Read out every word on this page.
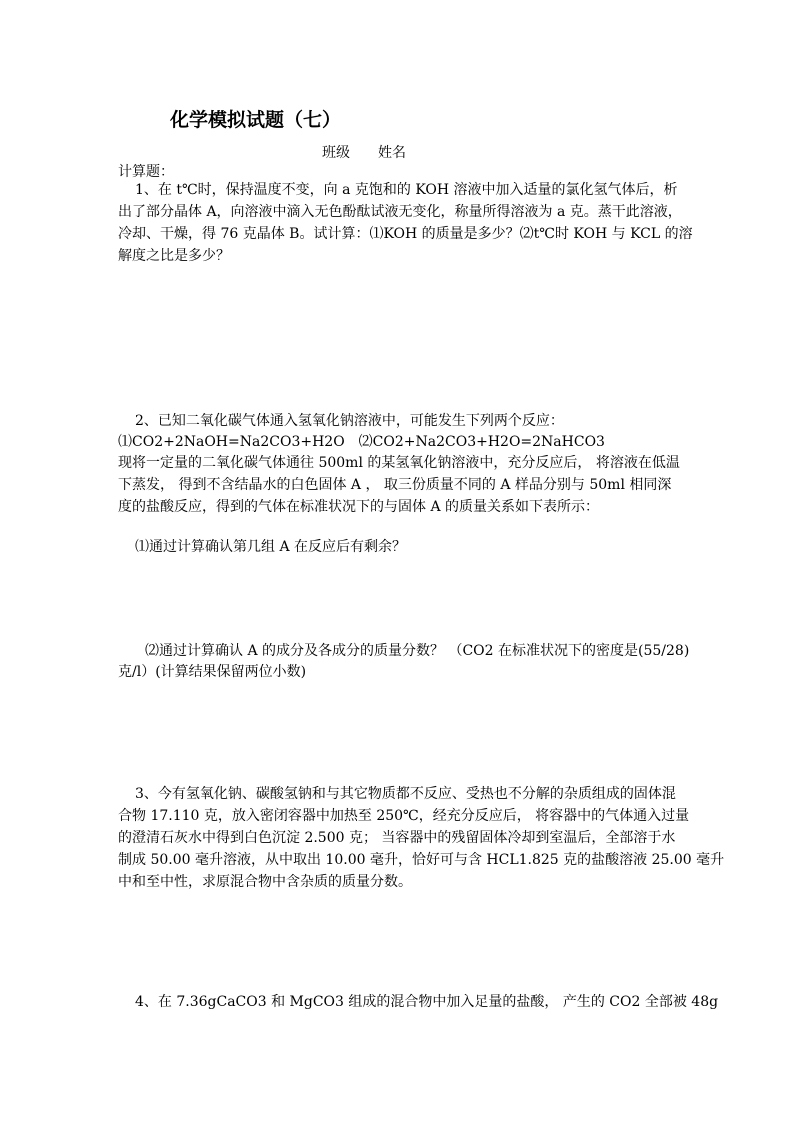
化学模拟试题（七）
班级 姓名
计算题：
1、在 t℃时，保持温度不变，向 a 克饱和的 KOH 溶液中加入适量的氯化氢气体后，析
出了部分晶体 A，向溶液中滴入无色酚酞试液无变化，称量所得溶液为 a 克。蒸干此溶液，
冷却、干燥，得 76 克晶体 B。试计算：⑴KOH 的质量是多少？⑵t℃时 KOH 与 KCL 的溶
解度之比是多少？
2、已知二氧化碳气体通入氢氧化钠溶液中，可能发生下列两个反应：
⑴CO2+2NaOH=Na2CO3+H2O　⑵CO2+Na2CO3+H2O=2NaHCO3
现将一定量的二氧化碳气体通往 500ml 的某氢氧化钠溶液中，充分反应后， 将溶液在低温
下蒸发， 得到不含结晶水的白色固体 A ， 取三份质量不同的 A 样品分别与 50ml 相同深
度的盐酸反应，得到的气体在标准状况下的与固体 A 的质量关系如下表所示：
⑴通过计算确认第几组 A 在反应后有剩余？
⑵通过计算确认 A 的成分及各成分的质量分数？ （CO2 在标准状况下的密度是(55/28)
克/l）(计算结果保留两位小数)
3、今有氢氧化钠、碳酸氢钠和与其它物质都不反应、受热也不分解的杂质组成的固体混
合物 17.110 克，放入密闭容器中加热至 250℃，经充分反应后， 将容器中的气体通入过量
的澄清石灰水中得到白色沉淀 2.500 克； 当容器中的残留固体冷却到室温后，全部溶于水
制成 50.00 毫升溶液，从中取出 10.00 毫升，恰好可与含 HCL1.825 克的盐酸溶液 25.00 毫升
中和至中性，求原混合物中含杂质的质量分数。
4、在 7.36gCaCO3 和 MgCO3 组成的混合物中加入足量的盐酸， 产生的 CO2 全部被 48g
